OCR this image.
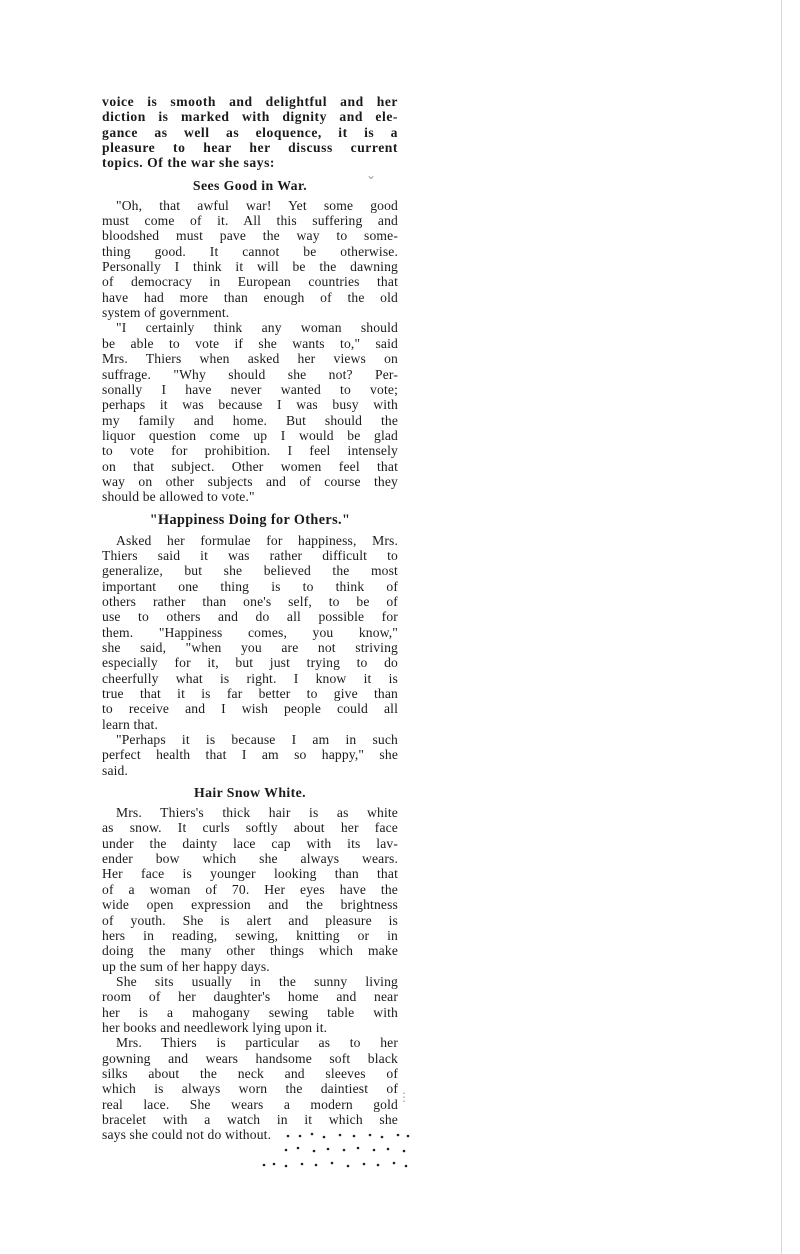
voice is smooth and delightful and her
diction is marked with dignity and ele-
gance as well as eloquence, it is a
pleasure to hear her discuss current
topics. Of the war she says:

Sees Good in War.

"Oh, that awful war! Yet some good
must come of it. All this suffering and
bloodshed must pave the way to some-
thing good. It cannot be otherwise.
Personally I think it will be the dawning
of democracy in European countries that
have had more than enough of the old
system of government.

"I certainly think any woman should
be able to vote if she wants to," said
Mrs. Thiers when asked her views on
suffrage. "Why should she not? Per-
sonally I have never wanted to vote;
perhaps it was because I was busy with
my family and home. But should the
liquor question come up I would be glad
to vote for prohibition. I feel intensely
on that subject. Other women feel that
way on other subjects and of course they
should be allowed to vote."

"Happiness Doing for Others."

Asked her formulae for happiness, Mrs.
Thiers said it was rather difficult to
generalize, but she believed the most
important one thing is to think of
others rather than one's self, to be of
use to others and do all possible for
them. "Happiness comes, you know,"
she said, "when you are not striving
especially for it, but just trying to do
cheerfully what is right. I know it is
true that it is far better to give than
to receive and I wish people could all
learn that.

"Perhaps it is because I am in such
perfect health that I am so happy," she
said.

Hair Snow White.

Mrs. Thiers's thick hair is as white
as snow. It curls softly about her face
under the dainty lace cap with its lav-
ender bow which she always wears.
Her face is younger looking than that
of a woman of 70. Her eyes have the
wide open expression and the brightness
of youth. She is alert and pleasure is
hers in reading, sewing, knitting or in
doing the many other things which make
up the sum of her happy days.

She sits usually in the sunny living
room of her daughter's home and near
her is a mahogany sewing table with
her books and needlework lying upon it.

Mrs. Thiers is particular as to her
gowning and wears handsome soft black
silks about the neck and sleeves of
which is always worn the daintiest of
real lace. She wears a modern gold
bracelet with a watch in it which she
says she could not do without.

⌄
⋮
